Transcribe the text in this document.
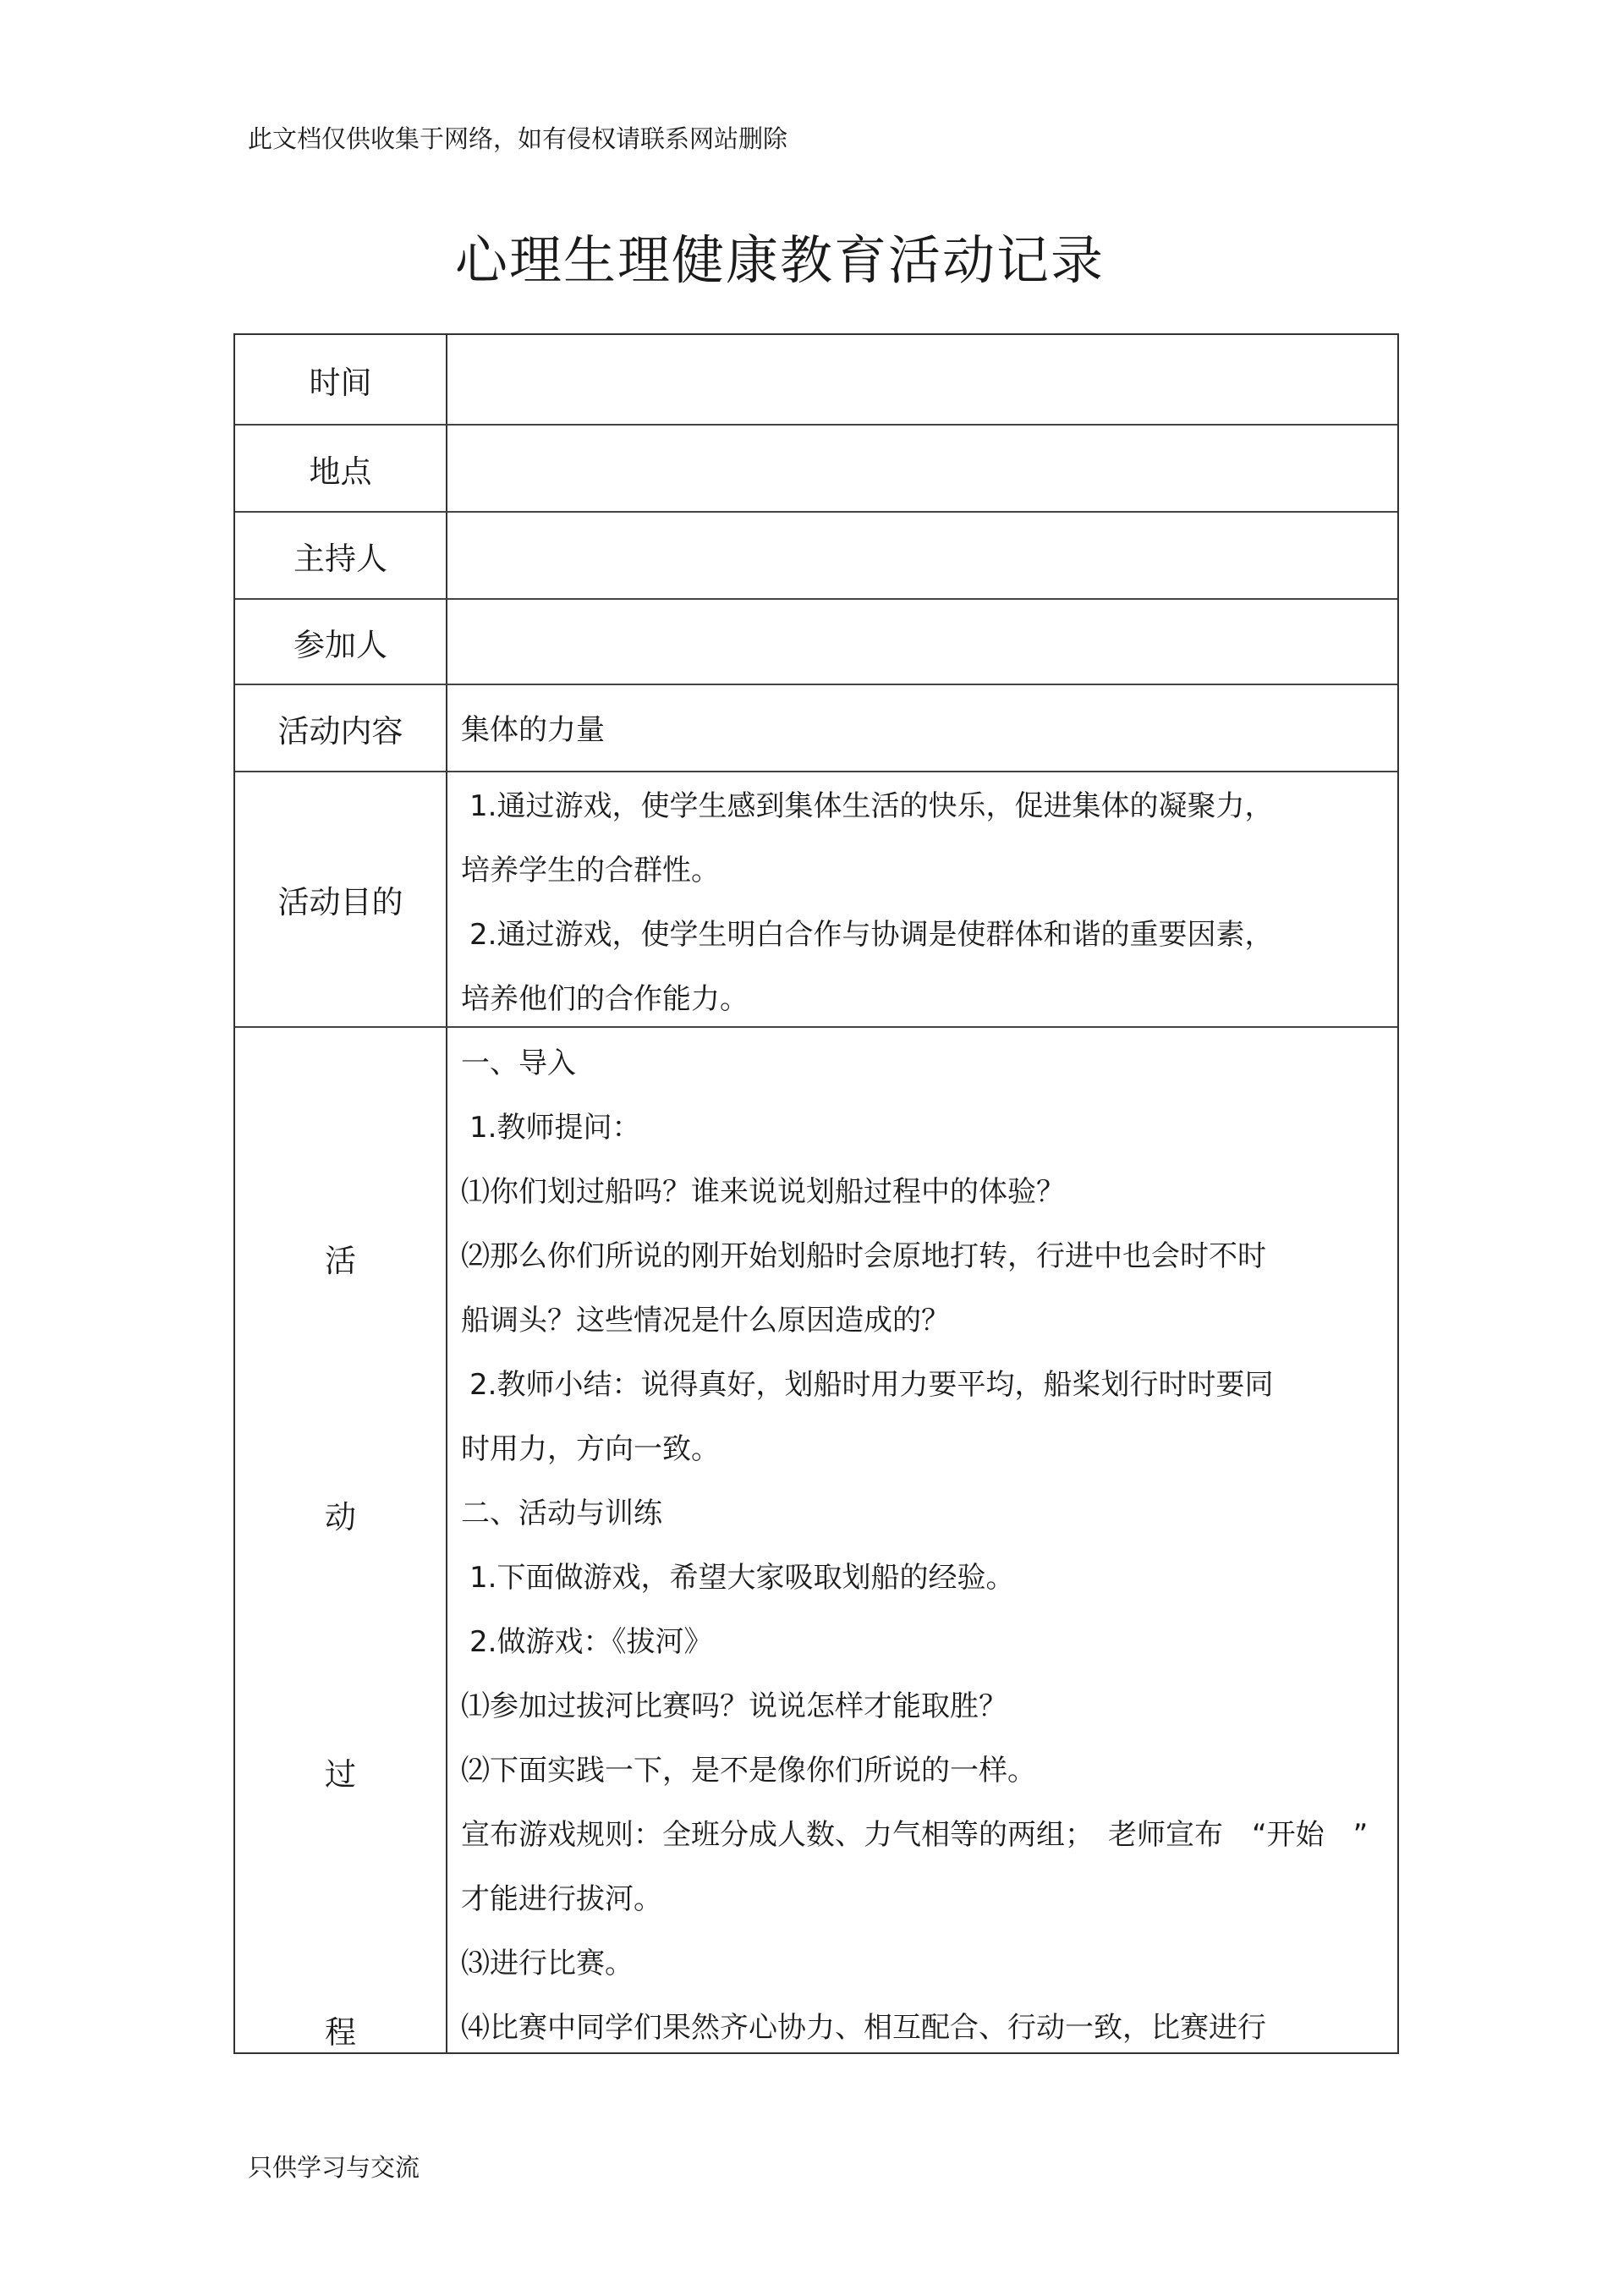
此文档仅供收集于网络，如有侵权请联系网站删除
心理生理健康教育活动记录
时间
地点
主持人
参加人
活动内容	集体的力量
活动目的
1.通过游戏，使学生感到集体生活的快乐，促进集体的凝聚力，
培养学生的合群性。
2.通过游戏，使学生明白合作与协调是使群体和谐的重要因素，
培养他们的合作能力。
活
动
过
程
一、导入
1.教师提问：
⑴你们划过船吗？谁来说说划船过程中的体验？
⑵那么你们所说的刚开始划船时会原地打转，行进中也会时不时
船调头？这些情况是什么原因造成的？
2.教师小结：说得真好，划船时用力要平均，船桨划行时时要同
时用力，方向一致。
二、活动与训练
1.下面做游戏，希望大家吸取划船的经验。
2.做游戏：《拔河》
⑴参加过拔河比赛吗？说说怎样才能取胜？
⑵下面实践一下，是不是像你们所说的一样。
宣布游戏规则：全班分成人数、力气相等的两组；　老师宣布　“开始　”
才能进行拔河。
⑶进行比赛。
⑷比赛中同学们果然齐心协力、相互配合、行动一致，比赛进行
只供学习与交流
